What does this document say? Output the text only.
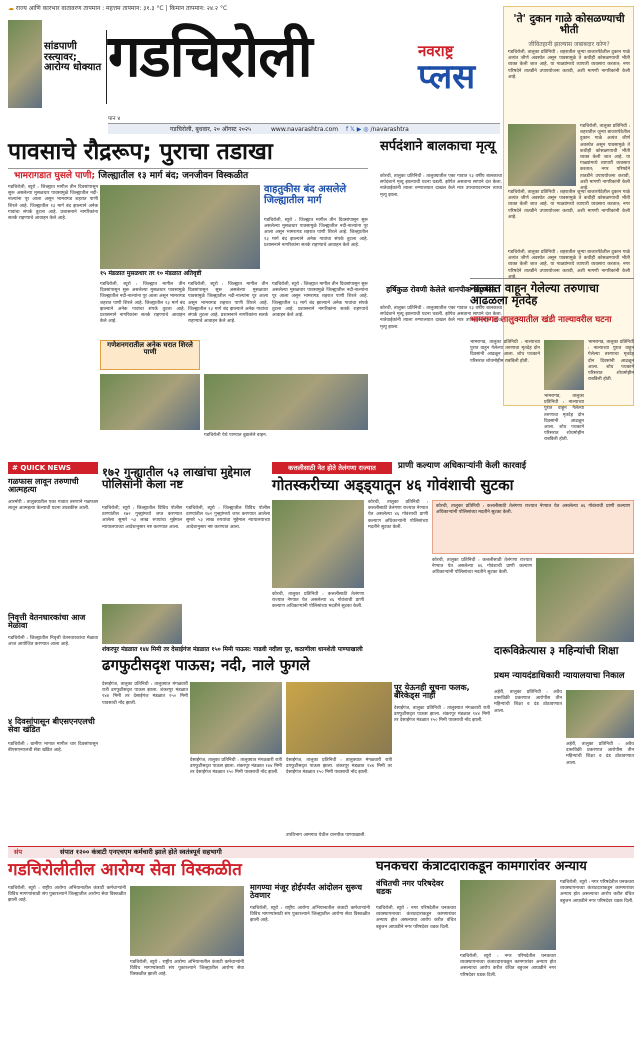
☁ राज्य आणि कारभार वातावरण तापमान : महत्तम तापमान: ३१.३ °C | किमान तापमान: २४.२ °C
सांडपाणी रस्त्यावर;
आरोग्य धोक्यात गडचिरोली	नवराष्ट्र
प्लस
पान ४
गडचिरोली, बुधवार, २० ऑगस्ट २०२५	www.navarashtra.com f 𝕏 ▶ ◎ /navarashtra
'ते' दुकान गाळे कोसळण्याची भीती
जीवितहानी झाल्यास जबाबदार कोण?
गडचिरोली, तालुका प्रतिनिधी : शहरातील जुन्या बाजारपेठेतील दुकान गाळे अत्यंत जीर्ण अवस्थेत असून पावसामुळे ते कधीही कोसळण्याची भीती व्यक्त केली जात आहे. या गाळ्यांमध्ये व्यापारी व्यवसाय करतात; नगर परिषदेने तातडीने उपाययोजना करावी, अशी मागणी नागरिकांनी केली आहे.
गडचिरोली, तालुका प्रतिनिधी : शहरातील जुन्या बाजारपेठेतील दुकान गाळे अत्यंत जीर्ण अवस्थेत असून पावसामुळे ते कधीही कोसळण्याची भीती व्यक्त केली जात आहे. या गाळ्यांमध्ये व्यापारी व्यवसाय करतात; नगर परिषदेने तातडीने उपाययोजना करावी, अशी मागणी नागरिकांनी केली आहे.
गडचिरोली, तालुका प्रतिनिधी : शहरातील जुन्या बाजारपेठेतील दुकान गाळे अत्यंत जीर्ण अवस्थेत असून पावसामुळे ते कधीही कोसळण्याची भीती व्यक्त केली जात आहे. या गाळ्यांमध्ये व्यापारी व्यवसाय करतात; नगर परिषदेने तातडीने उपाययोजना करावी, अशी मागणी नागरिकांनी केली आहे.
पावसाचे रौद्ररूप; पुराचा तडाखा
भामरागडात घुसले पाणी; जिल्ह्यातील १३ मार्ग बंद; जनजीवन विस्कळीत
गडचिरोली, ब्यूरो : जिल्ह्यात मागील तीन दिवसांपासून सुरू असलेल्या मुसळधार पावसामुळे जिल्ह्यातील नदी-नाल्यांना पूर आला असून भामरागड शहरात पाणी शिरले आहे. जिल्ह्यातील १३ मार्ग बंद झाल्याने अनेक गावांचा संपर्क तुटला आहे. प्रशासनाने नागरिकांना सतर्क राहण्याचे आवाहन केले आहे.
१५ मंडळात मुसळधार तर १० मंडळात अतिवृष्टी
वाहतुकीस बंद असलेले जिल्ह्यातील मार्ग
गडचिरोली, ब्यूरो : जिल्ह्यात मागील तीन दिवसांपासून सुरू असलेल्या मुसळधार पावसामुळे जिल्ह्यातील नदी-नाल्यांना पूर आला असून भामरागड शहरात पाणी शिरले आहे. जिल्ह्यातील १३ मार्ग बंद झाल्याने अनेक गावांचा संपर्क तुटला आहे. प्रशासनाने नागरिकांना सतर्क राहण्याचे आवाहन केले आहे.
गडचिरोली, ब्यूरो : जिल्ह्यात मागील तीन दिवसांपासून सुरू असलेल्या मुसळधार पावसामुळे जिल्ह्यातील नदी-नाल्यांना पूर आला असून भामरागड शहरात पाणी शिरले आहे. जिल्ह्यातील १३ मार्ग बंद झाल्याने अनेक गावांचा संपर्क तुटला आहे. प्रशासनाने नागरिकांना सतर्क राहण्याचे आवाहन केले आहे.
गडचिरोली, ब्यूरो : जिल्ह्यात मागील तीन दिवसांपासून सुरू असलेल्या मुसळधार पावसामुळे जिल्ह्यातील नदी-नाल्यांना पूर आला असून भामरागड शहरात पाणी शिरले आहे. जिल्ह्यातील १३ मार्ग बंद झाल्याने अनेक गावांचा संपर्क तुटला आहे. प्रशासनाने नागरिकांना सतर्क राहण्याचे आवाहन केले आहे.
गडचिरोली, ब्यूरो : जिल्ह्यात मागील तीन दिवसांपासून सुरू असलेल्या मुसळधार पावसामुळे जिल्ह्यातील नदी-नाल्यांना पूर आला असून भामरागड शहरात पाणी शिरले आहे. जिल्ह्यातील १३ मार्ग बंद झाल्याने अनेक गावांचा संपर्क तुटला आहे. प्रशासनाने नागरिकांना सतर्क राहण्याचे आवाहन केले आहे.
सर्पदंशाने बालकाचा मृत्यू
कोरची, तालुका प्रतिनिधी : तालुक्यातील एका गावात १३ वर्षीय बालकाचा सर्पदंशाने मृत्यू झाल्याची घटना घडली. झोपेत असताना सापाने दंश केला. नातेवाईकांनी त्याला रुग्णालयात दाखल केले मात्र उपचारादरम्यान त्याचा मृत्यू झाला.
हर्षिकुळ रोवणी केलेले धानपीक उद्ध्वस्त
कोरची, तालुका प्रतिनिधी : तालुक्यातील एका गावात १३ वर्षीय बालकाचा सर्पदंशाने मृत्यू झाल्याची घटना घडली. झोपेत असताना सापाने दंश केला. नातेवाईकांनी त्याला रुग्णालयात दाखल केले मात्र उपचारादरम्यान त्याचा मृत्यू झाला.
गडचिरोली, तालुका प्रतिनिधी : शहरातील जुन्या बाजारपेठेतील दुकान गाळे अत्यंत जीर्ण अवस्थेत असून पावसामुळे ते कधीही कोसळण्याची भीती व्यक्त केली जात आहे. या गाळ्यांमध्ये व्यापारी व्यवसाय करतात; नगर परिषदेने तातडीने उपाययोजना करावी, अशी मागणी नागरिकांनी केली
नाल्यात वाहून गेलेल्या तरुणाचा आढळला मृतदेह
भामरागड तालुक्यातील खंडी नाल्यावरील घटना
भामरागड, तालुका प्रतिनिधी : नाल्याच्या पुरात वाहून गेलेल्या तरुणाचा मृतदेह दोन दिवसांनी आढळून आला. शोध पथकाने परिसरात शोधमोहीम राबविली होती.
भामरागड, तालुका प्रतिनिधी : नाल्याच्या पुरात वाहून गेलेल्या तरुणाचा मृतदेह दोन दिवसांनी आढळून आला. शोध पथकाने परिसरात शोधमोहीम राबविली होती.
भामरागड, तालुका प्रतिनिधी : नाल्याच्या पुरात वाहून गेलेल्या तरुणाचा मृतदेह दोन दिवसांनी आढळून आला. शोध पथकाने परिसरात शोधमोहीम राबविली होती.
गणेशनगरातील अनेक घरात शिरले पाणी
गडचिरोली येथे पाण्यात बुडालेले वाहन.
# QUICK NEWS
गळफास लावून तरुणाची आत्महत्या
आरमोरी : तालुक्यातील एका गावात तरुणाने गळफास लावून आत्महत्या केल्याची घटना उघडकीस आली.
निवृत्ती वेतनधारकांचा आज मेळावा
गडचिरोली : जिल्ह्यातील निवृत्ती वेतनधारकांचा मेळावा आज आयोजित करण्यात आला आहे.
४ दिवसांपासून बीएसएनएलची सेवा खंडित
गडचिरोली : ग्रामीण भागात मागील चार दिवसांपासून बीएसएनएलची सेवा खंडित आहे.
१७२ गुन्ह्यातील ५३ लाखांचा मुद्देमाल पोलिसांनी केला नष्ट
गडचिरोली, ब्यूरो : जिल्ह्यातील विविध पोलीस ठाण्यांतील १७२ गुन्ह्यांमध्ये जप्त करण्यात आलेला सुमारे ५३ लाख रुपयांचा मुद्देमाल न्यायालयाच्या आदेशानुसार नष्ट करण्यात आला.
गडचिरोली, ब्यूरो : जिल्ह्यातील विविध पोलीस ठाण्यांतील १७२ गुन्ह्यांमध्ये जप्त करण्यात आलेला सुमारे ५३ लाख रुपयांचा मुद्देमाल न्यायालयाच्या आदेशानुसार नष्ट करण्यात आला.
कत्तलीसाठी नेत होते तेलंगणा राज्यात	प्राणी कल्याण अधिकाऱ्यांनी केली कारवाई
गोतस्करीच्या अड्ड्यातून ४६ गोवंशाची सुटका
कोरची, तालुका प्रतिनिधी : कत्तलीसाठी तेलंगणा राज्यात नेण्यात येत असलेल्या ४६ गोवंशाची प्राणी कल्याण अधिकाऱ्यांनी पोलिसांच्या मदतीने सुटका केली.
कोरची, तालुका प्रतिनिधी : कत्तलीसाठी तेलंगणा राज्यात नेण्यात येत असलेल्या ४६ गोवंशाची प्राणी कल्याण अधिकाऱ्यांनी पोलिसांच्या मदतीने सुटका केली.
कोरची, तालुका प्रतिनिधी : कत्तलीसाठी तेलंगणा राज्यात नेण्यात येत असलेल्या ४६ गोवंशाची प्राणी कल्याण अधिकाऱ्यांनी पोलिसांच्या मदतीने सुटका केली.
कोरची, तालुका प्रतिनिधी : कत्तलीसाठी तेलंगणा राज्यात नेण्यात येत असलेल्या ४६ गोवंशाची प्राणी कल्याण अधिकाऱ्यांनी पोलिसांच्या मदतीने सुटका केली.
शंकरपूर मंडळात १४४ मिमी तर देसाईगंज मंडळात १५० मिमी पाऊस: गाढवी नदीला पूर, कठाणीला धानशेती पाण्याखाली
ढगफुटीसदृश पाऊस; नदी, नाले फुगले
देसाईगंज, तालुका प्रतिनिधी : तालुक्यात मंगळवारी रात्री ढगफुटीसदृश पाऊस झाला. शंकरपूर मंडळात १४४ मिमी तर देसाईगंज मंडळात १५० मिमी पावसाची नोंद झाली.
पूर येऊनही सूचना फलक, बॅरिकेड्स नाही
देसाईगंज, तालुका प्रतिनिधी : तालुक्यात मंगळवारी रात्री ढगफुटीसदृश पाऊस झाला. शंकरपूर मंडळात १४४ मिमी तर देसाईगंज मंडळात १५० मिमी पावसाची नोंद झाली.
उपविभाग आमगाव येथील धानपीक पाण्याखाली.
देसाईगंज, तालुका प्रतिनिधी : तालुक्यात मंगळवारी रात्री ढगफुटीसदृश पाऊस झाला. शंकरपूर मंडळात १४४ मिमी तर देसाईगंज मंडळात १५० मिमी पावसाची नोंद झाली.
देसाईगंज, तालुका प्रतिनिधी : तालुक्यात मंगळवारी रात्री ढगफुटीसदृश पाऊस झाला. शंकरपूर मंडळात १४४ मिमी तर देसाईगंज मंडळात १५० मिमी पावसाची नोंद झाली.
दारूविक्रेत्यास ३ महिन्यांची शिक्षा
प्रथम न्यायदंडाधिकारी न्यायालयाचा निकाल
अहेरी, तालुका प्रतिनिधी : अवैध दारूविक्री प्रकरणात आरोपीस तीन महिन्यांची शिक्षा व दंड ठोठावण्यात आला.
अहेरी, तालुका प्रतिनिधी : अवैध दारूविक्री प्रकरणात आरोपीस तीन महिन्यांची शिक्षा व दंड ठोठावण्यात आला.
संप	संपात १२०० कंत्राटी एनएचएम कर्मचारी झाले होते स्वतंत्रपूर्व सहभागी
गडचिरोलीतील आरोग्य सेवा विस्कळीत
गडचिरोली, ब्यूरो : राष्ट्रीय आरोग्य अभियानातील कंत्राटी कर्मचाऱ्यांनी विविध मागण्यांसाठी संप पुकारल्याने जिल्ह्यातील आरोग्य सेवा विस्कळीत झाली आहे.
मागण्या मंजूर होईपर्यंत आंदोलन सुरूच ठेवणार
गडचिरोली, ब्यूरो : राष्ट्रीय आरोग्य अभियानातील कंत्राटी कर्मचाऱ्यांनी विविध मागण्यांसाठी संप पुकारल्याने जिल्ह्यातील आरोग्य सेवा विस्कळीत झाली आहे.
गडचिरोली, ब्यूरो : राष्ट्रीय आरोग्य अभियानातील कंत्राटी कर्मचाऱ्यांनी विविध मागण्यांसाठी संप पुकारल्याने जिल्ह्यातील आरोग्य सेवा विस्कळीत झाली आहे.
घनकचरा कंत्राटदाराकडून कामगारांवर अन्याय
वंचितची नगर परिषदेवर धडक
गडचिरोली, ब्यूरो : नगर परिषदेतील घनकचरा व्यवस्थापनाच्या कंत्राटदाराकडून कामगारांवर अन्याय होत असल्याचा आरोप करीत वंचित बहुजन आघाडीने नगर परिषदेवर धडक दिली.
गडचिरोली, ब्यूरो : नगर परिषदेतील घनकचरा व्यवस्थापनाच्या कंत्राटदाराकडून कामगारांवर अन्याय होत असल्याचा आरोप करीत वंचित बहुजन आघाडीने नगर परिषदेवर धडक दिली.
गडचिरोली, ब्यूरो : नगर परिषदेतील घनकचरा व्यवस्थापनाच्या कंत्राटदाराकडून कामगारांवर अन्याय होत असल्याचा आरोप करीत वंचित बहुजन आघाडीने नगर परिषदेवर धडक दिली.
